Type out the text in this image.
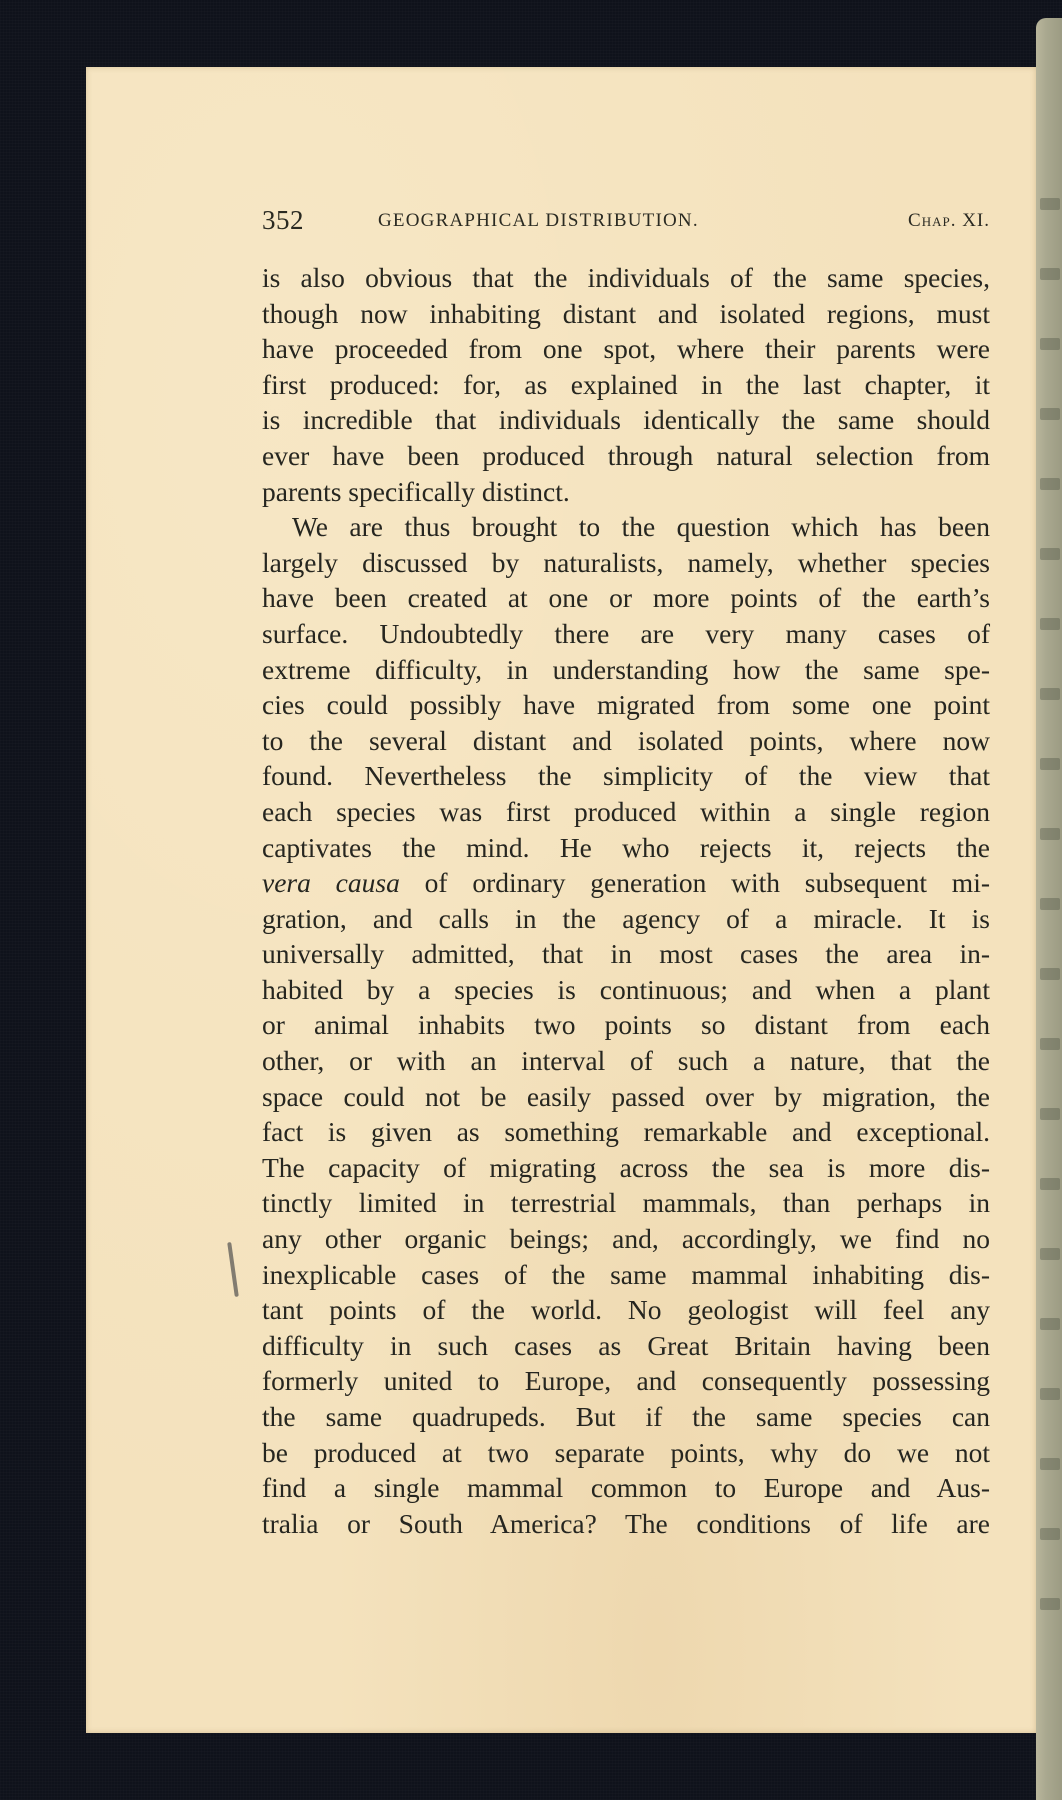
352	GEOGRAPHICAL DISTRIBUTION.	Chap. XI.
is also obvious that the individuals of the same species,
though now inhabiting distant and isolated regions, must
have proceeded from one spot, where their parents were
first produced: for, as explained in the last chapter, it
is incredible that individuals identically the same should
ever have been produced through natural selection from
parents specifically distinct.
We are thus brought to the question which has been
largely discussed by naturalists, namely, whether species
have been created at one or more points of the earth’s
surface. Undoubtedly there are very many cases of
extreme difficulty, in understanding how the same spe-
cies could possibly have migrated from some one point
to the several distant and isolated points, where now
found. Nevertheless the simplicity of the view that
each species was first produced within a single region
captivates the mind. He who rejects it, rejects the
vera causa of ordinary generation with subsequent mi-
gration, and calls in the agency of a miracle. It is
universally admitted, that in most cases the area in-
habited by a species is continuous; and when a plant
or animal inhabits two points so distant from each
other, or with an interval of such a nature, that the
space could not be easily passed over by migration, the
fact is given as something remarkable and exceptional.
The capacity of migrating across the sea is more dis-
tinctly limited in terrestrial mammals, than perhaps in
any other organic beings; and, accordingly, we find no
inexplicable cases of the same mammal inhabiting dis-
tant points of the world. No geologist will feel any
difficulty in such cases as Great Britain having been
formerly united to Europe, and consequently possessing
the same quadrupeds. But if the same species can
be produced at two separate points, why do we not
find a single mammal common to Europe and Aus-
tralia or South America? The conditions of life are
